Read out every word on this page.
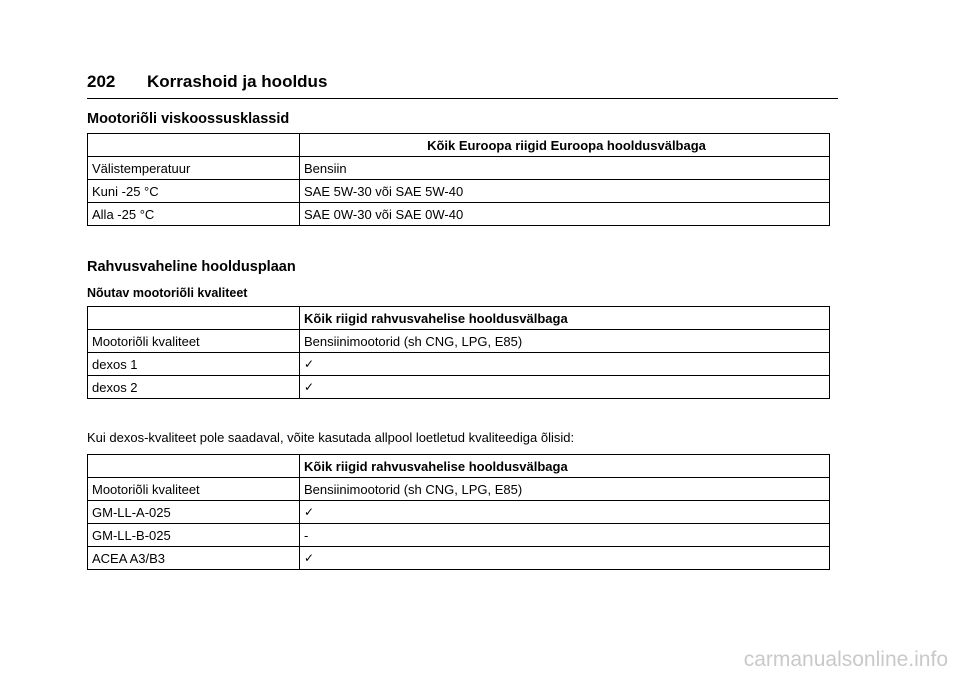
202 Korrashoid ja hooldus
Mootoriõli viskoossusklassid
	Kõik Euroopa riigid Euroopa hooldusvälbaga
Välistemperatuur	Bensiin
Kuni -25 °C	SAE 5W-30 või SAE 5W-40
Alla -25 °C	SAE 0W-30 või SAE 0W-40
Rahvusvaheline hooldusplaan
Nõutav mootoriõli kvaliteet
	Kõik riigid rahvusvahelise hooldusvälbaga
Mootoriõli kvaliteet	Bensiinimootorid (sh CNG, LPG, E85)
dexos 1	✓
dexos 2	✓
Kui dexos-kvaliteet pole saadaval, võite kasutada allpool loetletud kvaliteediga õlisid:
	Kõik riigid rahvusvahelise hooldusvälbaga
Mootoriõli kvaliteet	Bensiinimootorid (sh CNG, LPG, E85)
GM-LL-A-025	✓
GM-LL-B-025	-
ACEA A3/B3	✓
carmanualsonline.info
